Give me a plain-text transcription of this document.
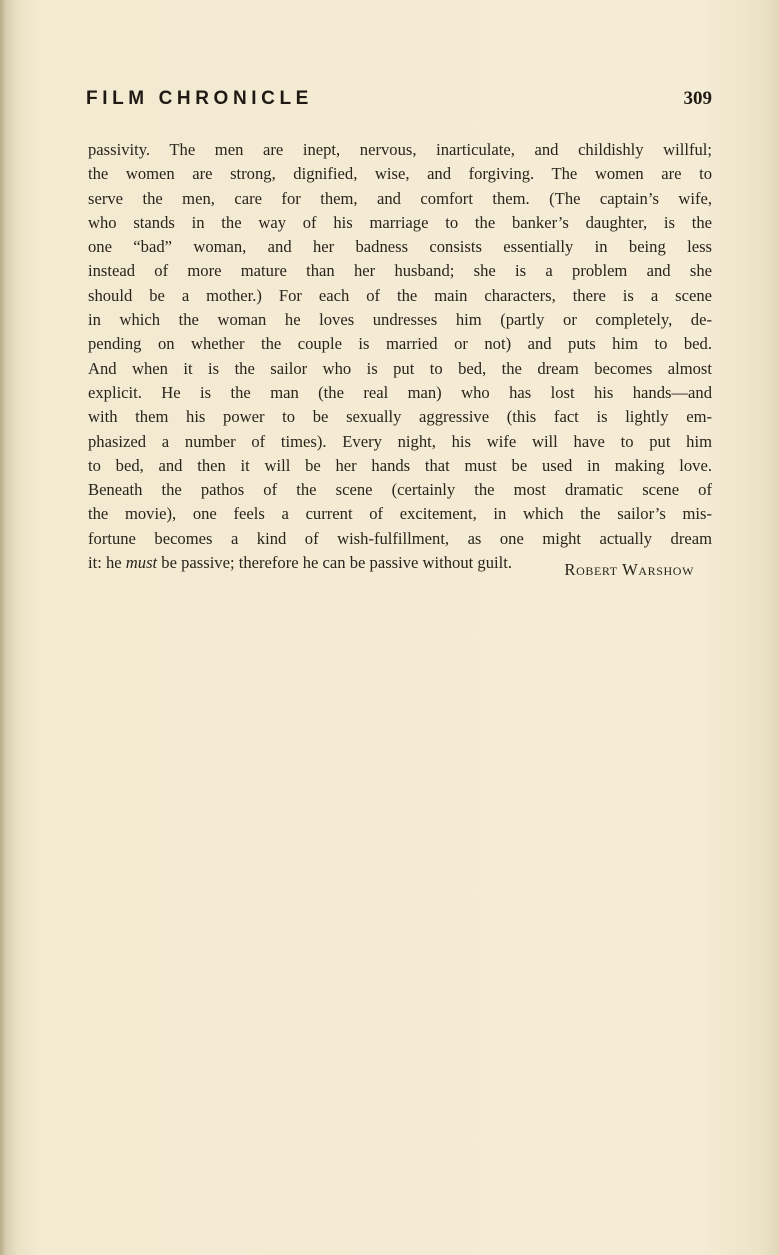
FILM CHRONICLE	309
passivity. The men are inept, nervous, inarticulate, and childishly willful;
the women are strong, dignified, wise, and forgiving. The women are to
serve the men, care for them, and comfort them. (The captain’s wife,
who stands in the way of his marriage to the banker’s daughter, is the
one “bad” woman, and her badness consists essentially in being less
instead of more mature than her husband; she is a problem and she
should be a mother.) For each of the main characters, there is a scene
in which the woman he loves undresses him (partly or completely, de-
pending on whether the couple is married or not) and puts him to bed.
And when it is the sailor who is put to bed, the dream becomes almost
explicit. He is the man (the real man) who has lost his hands—and
with them his power to be sexually aggressive (this fact is lightly em-
phasized a number of times). Every night, his wife will have to put him
to bed, and then it will be her hands that must be used in making love.
Beneath the pathos of the scene (certainly the most dramatic scene of
the movie), one feels a current of excitement, in which the sailor’s mis-
fortune becomes a kind of wish-fulfillment, as one might actually dream
it: he must be passive; therefore he can be passive without guilt.	Robert Warshow
